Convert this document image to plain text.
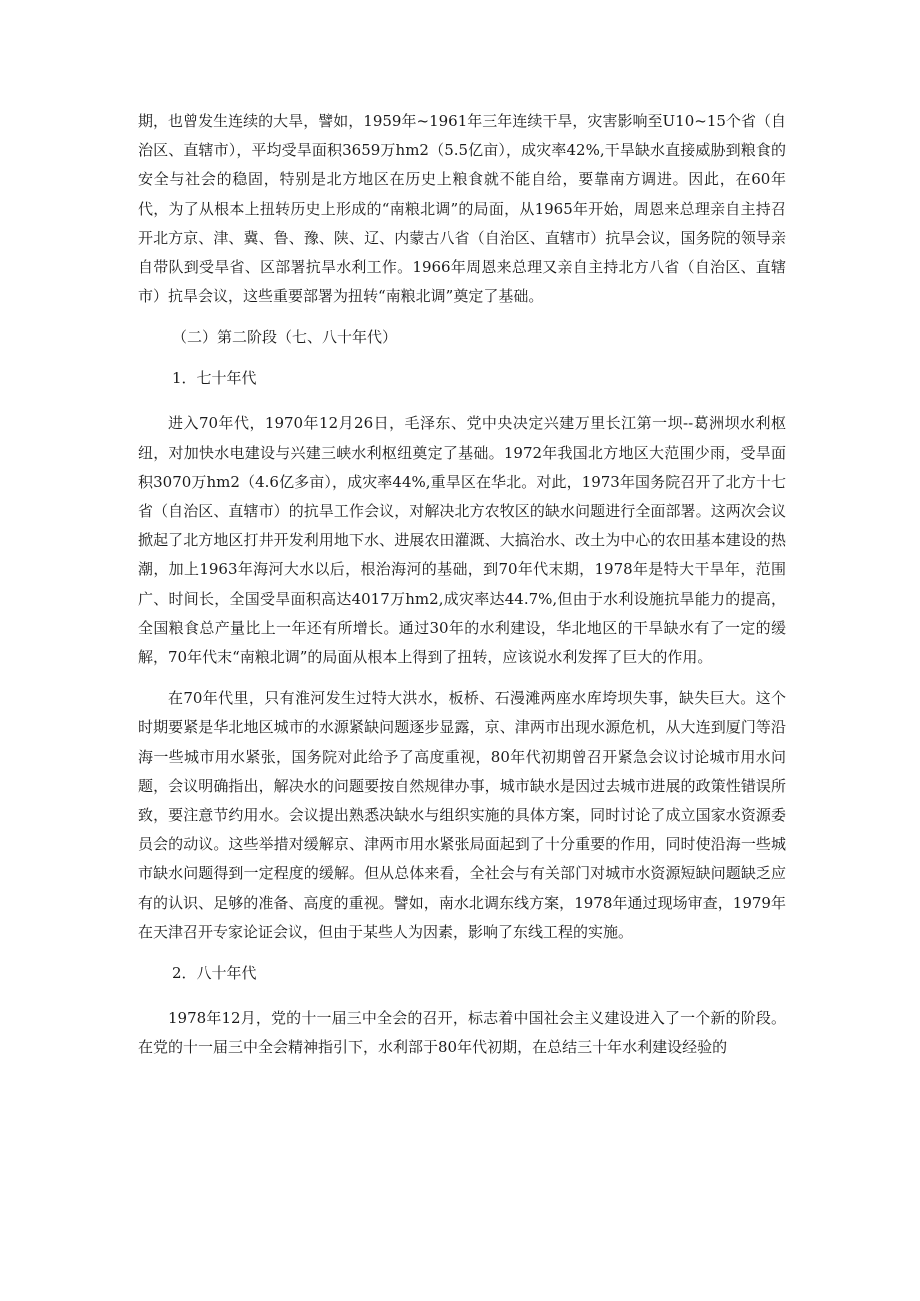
期，也曾发生连续的大旱，譬如，1959年~1961年三年连续干旱，灾害影响至U10~15个省（自治区、直辖市），平均受旱面积3659万hm2（5.5亿亩），成灾率42%,干旱缺水直接威胁到粮食的安全与社会的稳固，特别是北方地区在历史上粮食就不能自给，要靠南方调进。因此，在60年代，为了从根本上扭转历史上形成的“南粮北调”的局面，从1965年开始，周恩来总理亲自主持召开北方京、津、冀、鲁、豫、陕、辽、内蒙古八省（自治区、直辖市）抗旱会议，国务院的领导亲自带队到受旱省、区部署抗旱水利工作。1966年周恩来总理又亲自主持北方八省（自治区、直辖市）抗旱会议，这些重要部署为扭转“南粮北调”奠定了基础。

（二）第二阶段（七、八十年代）

1．七十年代

进入70年代，1970年12月26日，毛泽东、党中央决定兴建万里长江第一坝--葛洲坝水利枢纽，对加快水电建设与兴建三峡水利枢纽奠定了基础。1972年我国北方地区大范围少雨，受旱面积3070万hm2（4.6亿多亩），成灾率44%,重旱区在华北。对此，1973年国务院召开了北方十七省（自治区、直辖市）的抗旱工作会议，对解决北方农牧区的缺水问题进行全面部署。这两次会议掀起了北方地区打井开发利用地下水、进展农田灌溉、大搞治水、改土为中心的农田基本建设的热潮，加上1963年海河大水以后，根治海河的基础，到70年代末期，1978年是特大干旱年，范围广、时间长，全国受旱面积高达4017万hm2,成灾率达44.7%,但由于水利设施抗旱能力的提高，全国粮食总产量比上一年还有所增长。通过30年的水利建设，华北地区的干旱缺水有了一定的缓解，70年代末“南粮北调”的局面从根本上得到了扭转，应该说水利发挥了巨大的作用。

在70年代里，只有淮河发生过特大洪水，板桥、石漫滩两座水库垮坝失事，缺失巨大。这个时期要紧是华北地区城市的水源紧缺问题逐步显露，京、津两市出现水源危机，从大连到厦门等沿海一些城市用水紧张，国务院对此给予了高度重视，80年代初期曾召开紧急会议讨论城市用水问题，会议明确指出，解决水的问题要按自然规律办事，城市缺水是因过去城市进展的政策性错误所致，要注意节约用水。会议提出熟悉决缺水与组织实施的具体方案，同时讨论了成立国家水资源委员会的动议。这些举措对缓解京、津两市用水紧张局面起到了十分重要的作用，同时使沿海一些城市缺水问题得到一定程度的缓解。但从总体来看，全社会与有关部门对城市水资源短缺问题缺乏应有的认识、足够的准备、高度的重视。譬如，南水北调东线方案，1978年通过现场审查，1979年在天津召开专家论证会议，但由于某些人为因素，影响了东线工程的实施。

2．八十年代

1978年12月，党的十一届三中全会的召开，标志着中国社会主义建设进入了一个新的阶段。在党的十一届三中全会精神指引下，水利部于80年代初期，在总结三十年水利建设经验的
